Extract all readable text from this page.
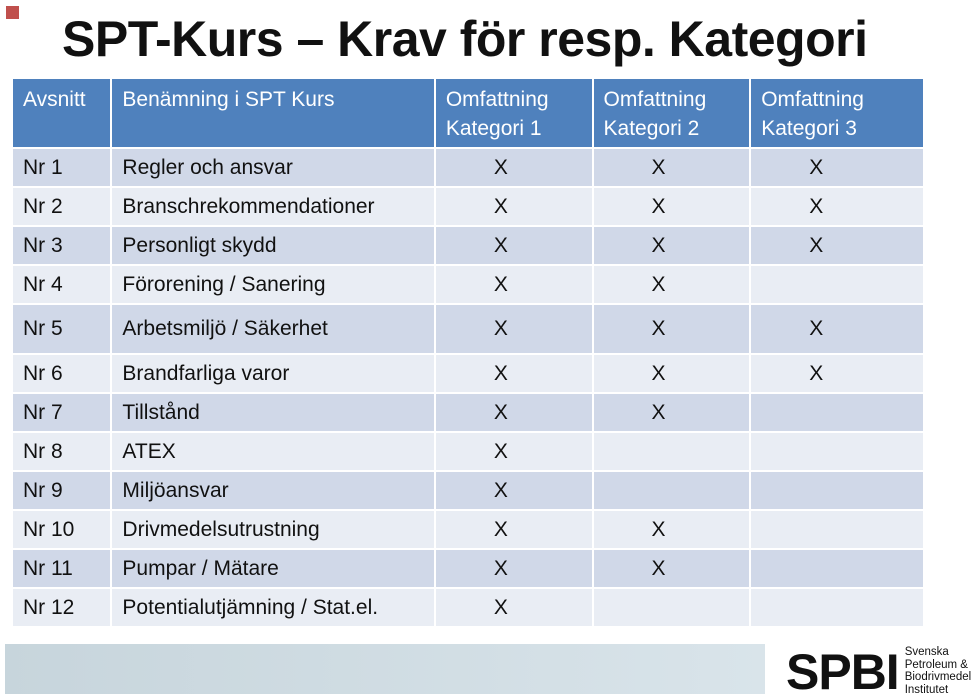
SPT-Kurs – Krav för resp. Kategori
Avsnitt	Benämning i SPT Kurs	Omfattning Kategori 1	Omfattning Kategori 2	Omfattning Kategori 3
Nr 1	Regler och ansvar	X	X	X
Nr 2	Branschrekommendationer	X	X	X
Nr 3	Personligt skydd	X	X	X
Nr 4	Förorening / Sanering	X	X	
Nr 5	Arbetsmiljö / Säkerhet	X	X	X
Nr 6	Brandfarliga varor	X	X	X
Nr 7	Tillstånd	X	X	
Nr 8	ATEX	X		
Nr 9	Miljöansvar	X		
Nr 10	Drivmedelsutrustning	X	X	
Nr 11	Pumpar / Mätare	X	X	
Nr 12	Potentialutjämning / Stat.el.	X		
SPBI Svenska
Petroleum &
Biodrivmedel
Institutet
